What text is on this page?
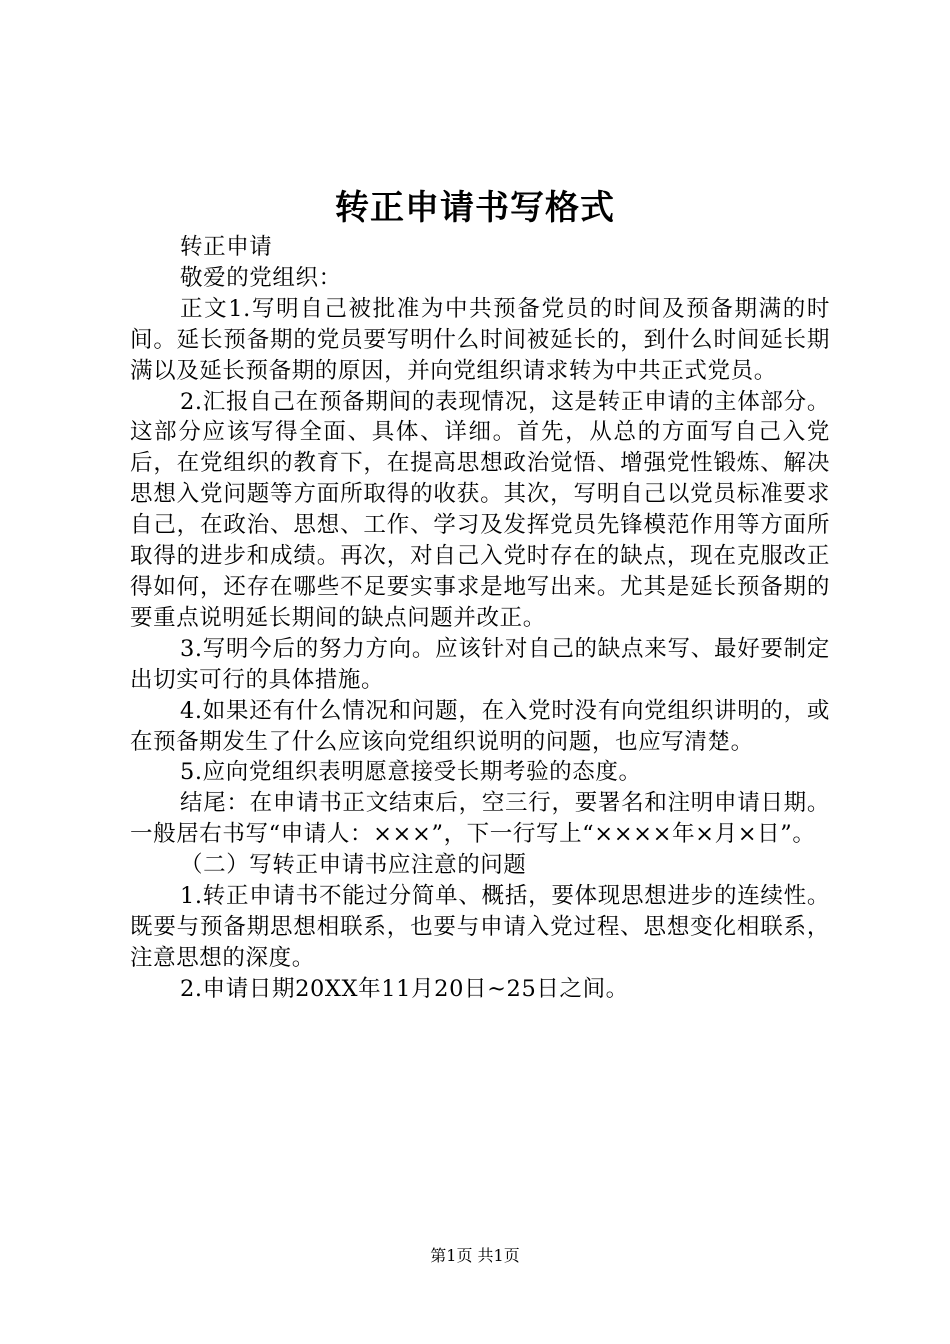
转正申请书写格式

转正申请

敬爱的党组织：

正文1.写明自己被批准为中共预备党员的时间及预备期满的时间。延长预备期的党员要写明什么时间被延长的，到什么时间延长期满以及延长预备期的原因，并向党组织请求转为中共正式党员。

2.汇报自己在预备期间的表现情况，这是转正申请的主体部分。这部分应该写得全面、具体、详细。首先，从总的方面写自己入党后，在党组织的教育下，在提高思想政治觉悟、增强党性锻炼、解决思想入党问题等方面所取得的收获。其次，写明自己以党员标准要求自己，在政治、思想、工作、学习及发挥党员先锋模范作用等方面所取得的进步和成绩。再次，对自己入党时存在的缺点，现在克服改正得如何，还存在哪些不足要实事求是地写出来。尤其是延长预备期的要重点说明延长期间的缺点问题并改正。

3.写明今后的努力方向。应该针对自己的缺点来写、最好要制定出切实可行的具体措施。

4.如果还有什么情况和问题，在入党时没有向党组织讲明的，或在预备期发生了什么应该向党组织说明的问题，也应写清楚。

5.应向党组织表明愿意接受长期考验的态度。

结尾：在申请书正文结束后，空三行，要署名和注明申请日期。一般居右书写“申请人：×××”，下一行写上“××××年×月×日”。

（二）写转正申请书应注意的问题

1.转正申请书不能过分简单、概括，要体现思想进步的连续性。既要与预备期思想相联系，也要与申请入党过程、思想变化相联系，注意思想的深度。

2.申请日期20XX年11月20日~25日之间。

第1页 共1页
